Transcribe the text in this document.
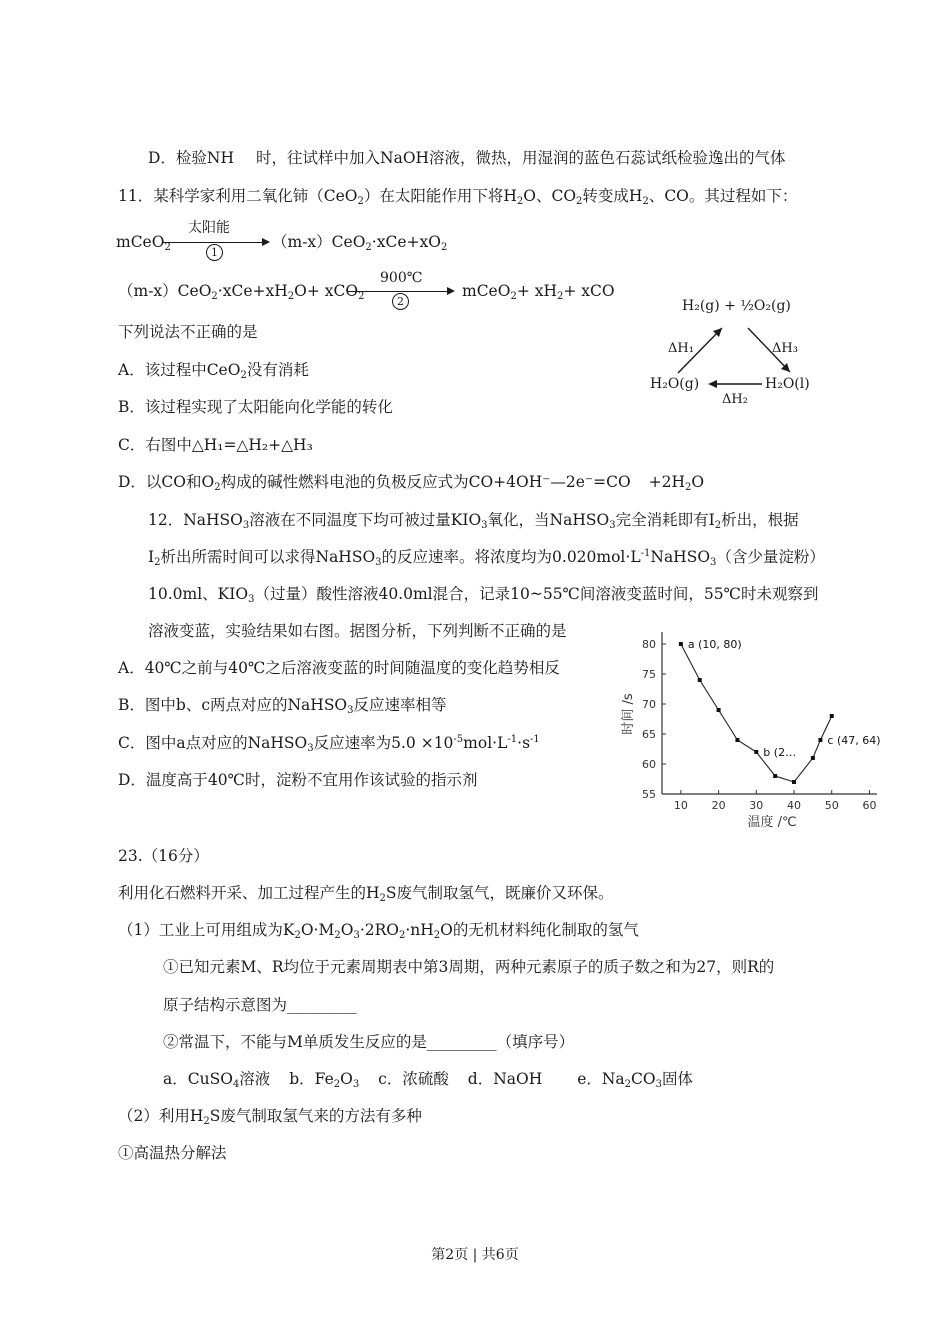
D．检验NH 时，往试样中加入NaOH溶液，微热，用湿润的蓝色石蕊试纸检验逸出的气体
11．某科学家利用二氧化铈（CeO$_2$）在太阳能作用下将$H_2O$、$CO_2$转变成$H_2$、CO。其过程如下：
mCeO$_2$
太阳能
1
$(m-x)CeO_2\cdot xCe+xO_2$
$(m-x)CeO_2\cdot xCe+xH_2O+ xCO_2$
900℃
2
mCeO$_2$+ $xH_2+$ xCO
下列说法不正确的是
A．该过程中CeO$_2$没有消耗
B．该过程实现了太阳能向化学能的转化
C．右图中△H₁=△H₂+△H₃
D．以CO和$O_2$构成的碱性燃料电池的负极反应式为CO+4OH⁻—2e⁻=CO $+2H_2O$
H₂(g) + ½O₂(g)
H₂O(g)	H₂O(l)
ΔH₁	ΔH₃
ΔH₂
12．NaHSO$_3$溶液在不同温度下均可被过量$KIO_3$氧化，当NaHSO$_3$完全消耗即有$I_2$析出，根据
$I_2$析出所需时间可以求得NaHSO$_3$的反应速率。将浓度均为$0.020mol\cdot L^{-1}NaHSO_3$（含少量淀粉）
10.0ml、$KIO_3$（过量）酸性溶液40.0ml混合，记录10~55℃间溶液变蓝时间，55℃时未观察到
溶液变蓝，实验结果如右图。据图分析，下列判断不正确的是
A．40℃之前与40℃之后溶液变蓝的时间随温度的变化趋势相反
B．图中b、c两点对应的NaHSO$_3$反应速率相等
C．图中a点对应的NaHSO$_3$反应速率为$5.0 \times 10^{-5}mol\cdot L^{-1}\cdot s^{-1}$
D．温度高于40℃时，淀粉不宜用作该试验的指示剂
10 20 30 40 50 60
55
60
65
70
75
80	a (10, 80)
b (2…
c (47, 64)
温度 /℃
时间 /s
23.（16分）
利用化石燃料开采、加工过程产生的$H_2S$废气制取氢气，既廉价又环保。
（1）工业上可用组成为$K_2O\cdot M_2O_3\cdot 2RO_2\cdot nH_2O$的无机材料纯化制取的氢气
①已知元素M、R均位于元素周期表中第3周期，两种元素原子的质子数之和为27，则R的
原子结构示意图为_________
②常温下，不能与M单质发生反应的是_________（填序号）
a．CuSO$_4$溶液 b．$Fe_2O_3$ c．浓硫酸 d．NaOH e．$Na_2CO_3$固体
（2）利用$H_2S$废气制取氢气来的方法有多种
①高温热分解法
第2页 | 共6页
